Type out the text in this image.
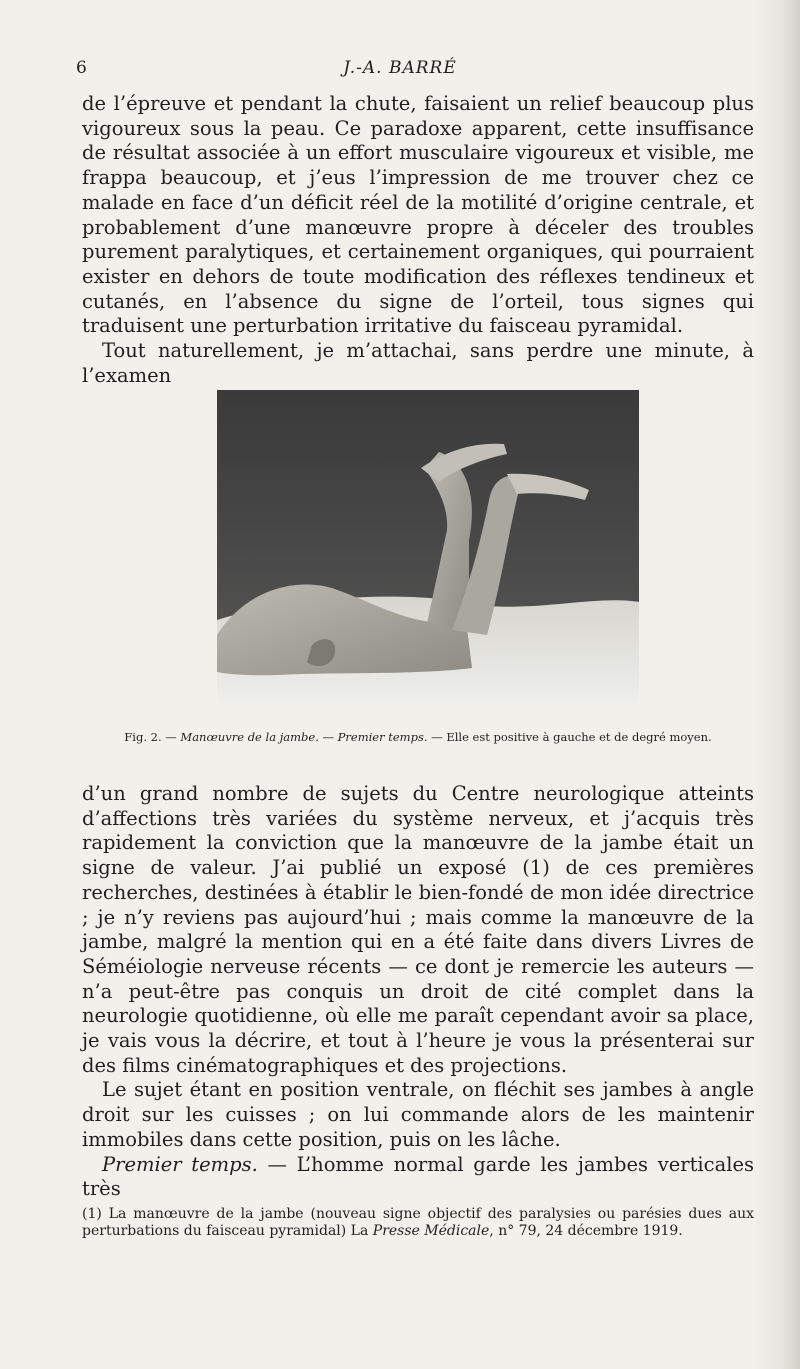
6	J.-A. BARRÉ

de l’épreuve et pendant la chute, faisaient un relief beaucoup plus vigoureux sous la peau. Ce paradoxe apparent, cette insuffisance de résultat associée à un effort musculaire vigoureux et visible, me frappa beaucoup, et j’eus l’impression de me trouver chez ce malade en face d’un déficit réel de la motilité d’origine centrale, et probablement d’une manœuvre propre à déceler des troubles purement paralytiques, et certainement organiques, qui pourraient exister en dehors de toute modification des réflexes tendineux et cutanés, en l’absence du signe de l’orteil, tous signes qui traduisent une perturbation irritative du faisceau pyramidal.

Tout naturellement, je m’attachai, sans perdre une minute, à l’examen

Fig. 2. — Manœuvre de la jambe. — Premier temps. — Elle est positive à gauche et de degré moyen.

d’un grand nombre de sujets du Centre neurologique atteints d’affections très variées du système nerveux, et j’acquis très rapidement la conviction que la manœuvre de la jambe était un signe de valeur. J’ai publié un exposé (1) de ces premières recherches, destinées à établir le bien-fondé de mon idée directrice ; je n’y reviens pas aujourd’hui ; mais comme la manœuvre de la jambe, malgré la mention qui en a été faite dans divers Livres de Séméiologie nerveuse récents — ce dont je remercie les auteurs — n’a peut-être pas conquis un droit de cité complet dans la neurologie quotidienne, où elle me paraît cependant avoir sa place, je vais vous la décrire, et tout à l’heure je vous la présenterai sur des films cinématographiques et des projections.

Le sujet étant en position ventrale, on fléchit ses jambes à angle droit sur les cuisses ; on lui commande alors de les maintenir immobiles dans cette position, puis on les lâche.

Premier temps. — L’homme normal garde les jambes verticales très

(1) La manœuvre de la jambe (nouveau signe objectif des paralysies ou parésies dues aux perturbations du faisceau pyramidal) La Presse Médicale, n° 79, 24 décembre 1919.
